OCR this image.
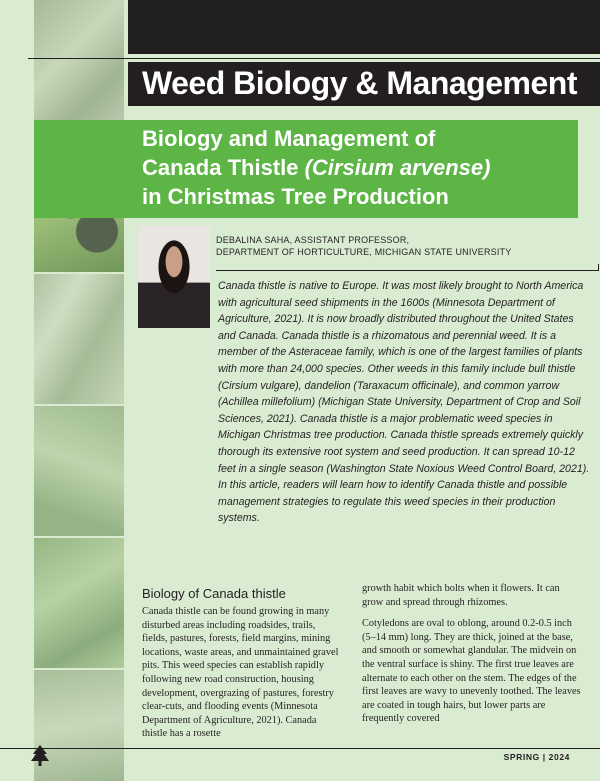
Weed Biology & Management
Biology and Management of
Canada Thistle (Cirsium arvense)
in Christmas Tree Production
DEBALINA SAHA, ASSISTANT PROFESSOR,
DEPARTMENT OF HORTICULTURE, MICHIGAN STATE UNIVERSITY
Canada thistle is native to Europe. It was most likely brought to North America with agricultural seed shipments in the 1600s (Minnesota Department of Agriculture, 2021). It is now broadly distributed throughout the United States and Canada. Canada thistle is a rhizomatous and perennial weed. It is a member of the Asteraceae family, which is one of the largest families of plants with more than 24,000 species. Other weeds in this family include bull thistle (Cirsium vulgare), dandelion (Taraxacum officinale), and common yarrow (Achillea millefolium) (Michigan State University, Department of Crop and Soil Sciences, 2021). Canada thistle is a major problematic weed species in Michigan Christmas tree production. Canada thistle spreads extremely quickly thorough its extensive root system and seed production. It can spread 10-12 feet in a single season (Washington State Noxious Weed Control Board, 2021). In this article, readers will learn how to identify Canada thistle and possible management strategies to regulate this weed species in their production systems.
Biology of Canada thistle
Canada thistle can be found growing in many disturbed areas including roadsides, trails, fields, pastures, forests, field margins, mining locations, waste areas, and unmaintained gravel pits. This weed species can establish rapidly following new road construction, housing development, overgrazing of pastures, forestry clear-cuts, and flooding events (Minnesota Department of Agriculture, 2021). Canada thistle has a rosette

growth habit which bolts when it flowers. It can grow and spread through rhizomes.

Cotyledons are oval to oblong, around 0.2-0.5 inch (5–14 mm) long. They are thick, joined at the base, and smooth or somewhat glandular. The midvein on the ventral surface is shiny. The first true leaves are alternate to each other on the stem. The edges of the first leaves are wavy to unevenly toothed. The leaves are coated in tough hairs, but lower parts are frequently covered

SPRING | 2024
